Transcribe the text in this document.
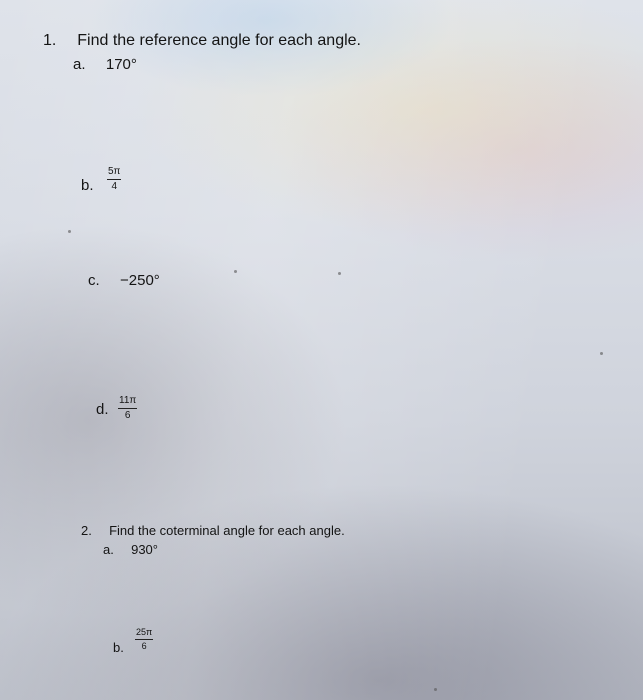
1. Find the reference angle for each angle.
a. 170°
b. $\frac{5\pi}{4}$
c. −250°
d. $\frac{11\pi}{6}$
2. Find the coterminal angle for each angle.
a. 930°
b. $\frac{25\pi}{6}$
